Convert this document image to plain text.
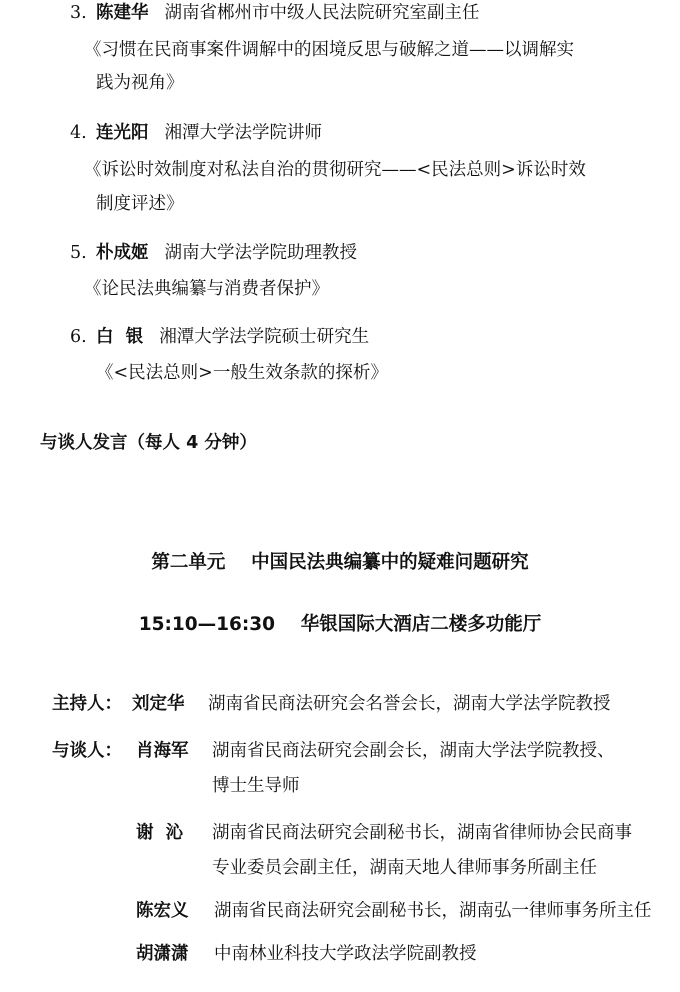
3. 陈建华 湖南省郴州市中级人民法院研究室副主任
《习惯在民商事案件调解中的困境反思与破解之道——以调解实
践为视角》
4. 连光阳 湘潭大学法学院讲师
《诉讼时效制度对私法自治的贯彻研究——<民法总则>诉讼时效
制度评述》
5. 朴成姬 湖南大学法学院助理教授
《论民法典编纂与消费者保护》
6. 白  银 湘潭大学法学院硕士研究生
《<民法总则>一般生效条款的探析》
与谈人发言（每人 4 分钟）
第二单元    中国民法典编纂中的疑难问题研究
15:10—16:30    华银国际大酒店二楼多功能厅
主持人： 刘定华 湖南省民商法研究会名誉会长，湖南大学法学院教授
与谈人： 肖海军 湖南省民商法研究会副会长，湖南大学法学院教授、
博士生导师
谢  沁 湖南省民商法研究会副秘书长，湖南省律师协会民商事
专业委员会副主任，湖南天地人律师事务所副主任
陈宏义 湖南省民商法研究会副秘书长，湖南弘一律师事务所主任
胡潇潇 中南林业科技大学政法学院副教授
